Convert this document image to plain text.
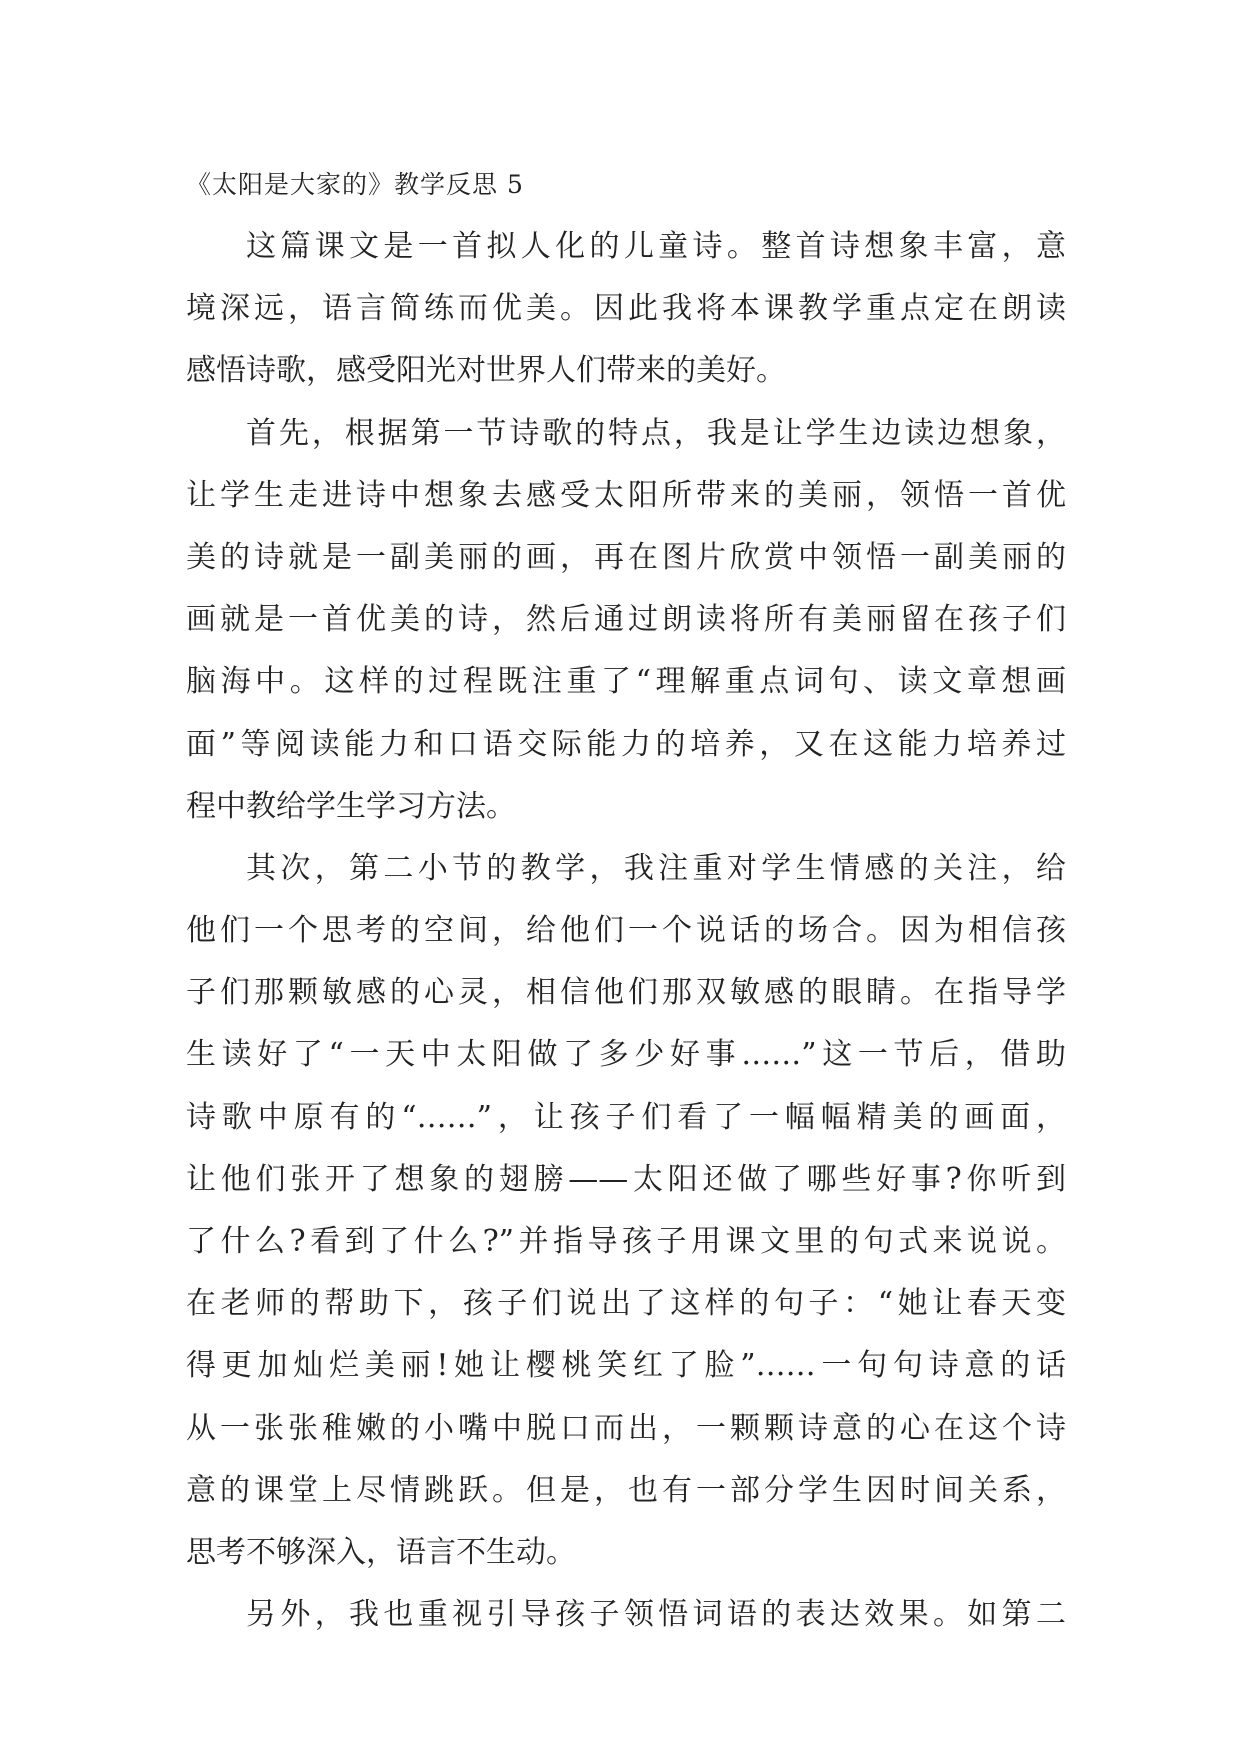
《太阳是大家的》教学反思 5

这篇课文是一首拟人化的儿童诗。整首诗想象丰富，意
境深远，语言简练而优美。因此我将本课教学重点定在朗读
感悟诗歌，感受阳光对世界人们带来的美好。

首先，根据第一节诗歌的特点，我是让学生边读边想象，
让学生走进诗中想象去感受太阳所带来的美丽，领悟一首优
美的诗就是一副美丽的画，再在图片欣赏中领悟一副美丽的
画就是一首优美的诗，然后通过朗读将所有美丽留在孩子们
脑海中。这样的过程既注重了“理解重点词句、读文章想画
面”等阅读能力和口语交际能力的培养，又在这能力培养过
程中教给学生学习方法。

其次，第二小节的教学，我注重对学生情感的关注，给
他们一个思考的空间，给他们一个说话的场合。因为相信孩
子们那颗敏感的心灵，相信他们那双敏感的眼睛。在指导学
生读好了“一天中太阳做了多少好事……”这一节后，借助
诗歌中原有的“……”，让孩子们看了一幅幅精美的画面，
让他们张开了想象的翅膀——太阳还做了哪些好事?你听到
了什么?看到了什么?”并指导孩子用课文里的句式来说说。
在老师的帮助下，孩子们说出了这样的句子：“她让春天变
得更加灿烂美丽!她让樱桃笑红了脸”……一句句诗意的话
从一张张稚嫩的小嘴中脱口而出，一颗颗诗意的心在这个诗
意的课堂上尽情跳跃。但是，也有一部分学生因时间关系，
思考不够深入，语言不生动。

另外，我也重视引导孩子领悟词语的表达效果。如第二
